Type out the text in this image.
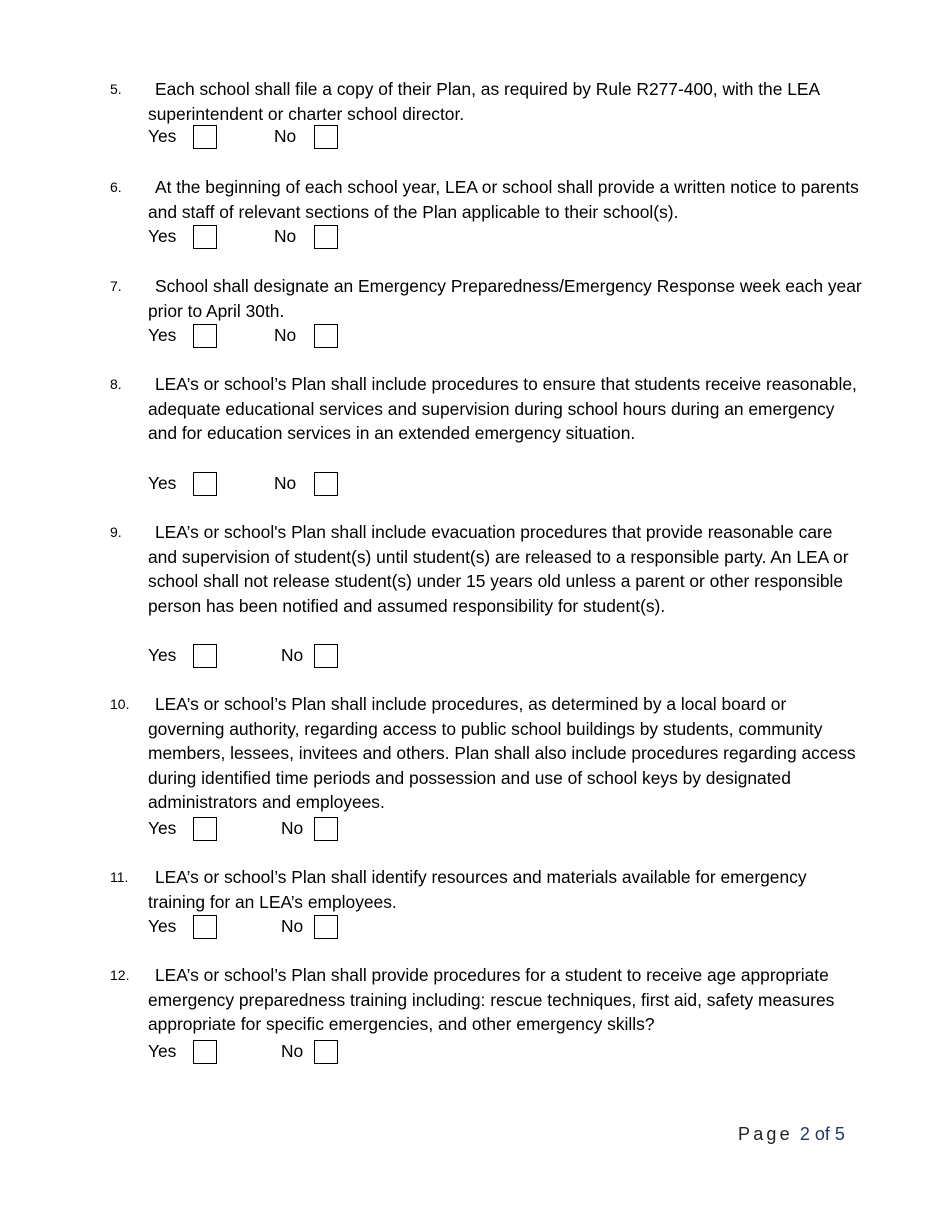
5.	Each school shall file a copy of their Plan, as required by Rule R277-400, with the LEA superintendent or charter school director.
Yes	No
6.	At the beginning of each school year, LEA or school shall provide a written notice to parents and staff of relevant sections of the Plan applicable to their school(s).
Yes	No
7.	School shall designate an Emergency Preparedness/Emergency Response week each year prior to April 30th.
Yes	No
8.	LEA’s or school’s Plan shall include procedures to ensure that students receive reasonable, adequate educational services and supervision during school hours during an emergency and for education services in an extended emergency situation.
Yes	No
9.	LEA’s or school's Plan shall include evacuation procedures that provide reasonable care and supervision of student(s) until student(s) are released to a responsible party. An LEA or school shall not release student(s) under 15 years old unless a parent or other responsible person has been notified and assumed responsibility for student(s).
Yes	No
10.	LEA’s or school’s Plan shall include procedures, as determined by a local board or governing authority, regarding access to public school buildings by students, community members, lessees, invitees and others. Plan shall also include procedures regarding access during identified time periods and possession and use of school keys by designated administrators and employees.
Yes	No
11.	LEA’s or school’s Plan shall identify resources and materials available for emergency training for an LEA’s employees.
Yes	No
12.	LEA’s or school’s Plan shall provide procedures for a student to receive age appropriate emergency preparedness training including: rescue techniques, first aid, safety measures appropriate for specific emergencies, and other emergency skills?
Yes	No
Page 2 of 5
